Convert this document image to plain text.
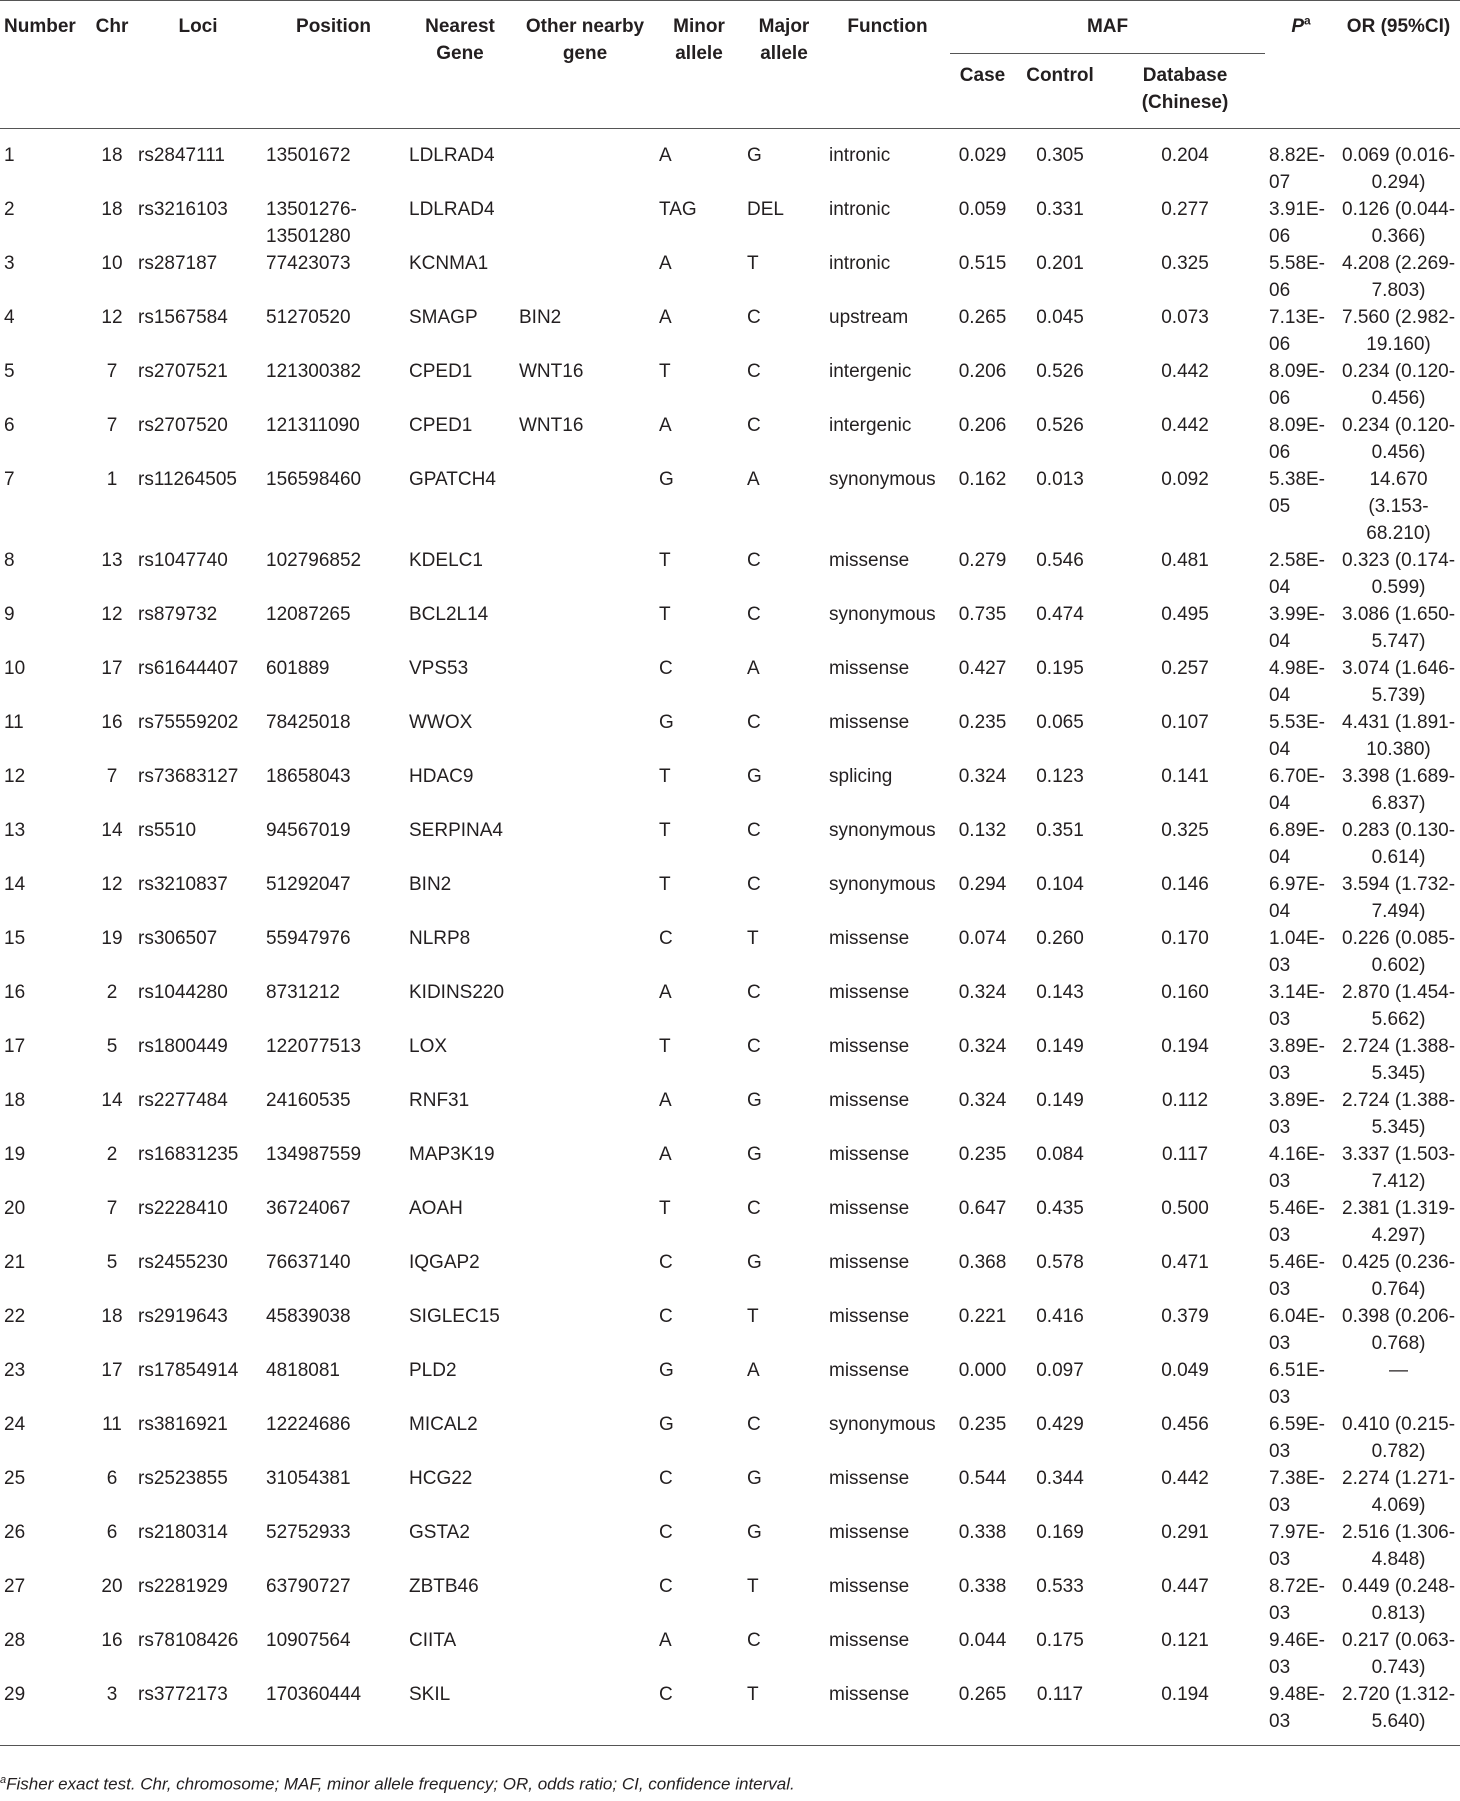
Number	Chr	Loci	Position	Nearest Gene	Other nearby gene	Minor allele	Major allele	Function	MAF			$P^a$	OR (95%CI)
									Case	Control	Database (Chinese)		
1	18	rs2847111	13501672	LDLRAD4		A	G	intronic	0.029	0.305	0.204	8.82E-07	0.069 (0.016-0.294)
2	18	rs3216103	13501276-13501280	LDLRAD4		TAG	DEL	intronic	0.059	0.331	0.277	3.91E-06	0.126 (0.044-0.366)
3	10	rs287187	77423073	KCNMA1		A	T	intronic	0.515	0.201	0.325	5.58E-06	4.208 (2.269-7.803)
4	12	rs1567584	51270520	SMAGP	BIN2	A	C	upstream	0.265	0.045	0.073	7.13E-06	7.560 (2.982-19.160)
5	7	rs2707521	121300382	CPED1	WNT16	T	C	intergenic	0.206	0.526	0.442	8.09E-06	0.234 (0.120-0.456)
6	7	rs2707520	121311090	CPED1	WNT16	A	C	intergenic	0.206	0.526	0.442	8.09E-06	0.234 (0.120-0.456)
7	1	rs11264505	156598460	GPATCH4		G	A	synonymous	0.162	0.013	0.092	5.38E-05	14.670 (3.153-68.210)
8	13	rs1047740	102796852	KDELC1		T	C	missense	0.279	0.546	0.481	2.58E-04	0.323 (0.174-0.599)
9	12	rs879732	12087265	BCL2L14		T	C	synonymous	0.735	0.474	0.495	3.99E-04	3.086 (1.650-5.747)
10	17	rs61644407	601889	VPS53		C	A	missense	0.427	0.195	0.257	4.98E-04	3.074 (1.646-5.739)
11	16	rs75559202	78425018	WWOX		G	C	missense	0.235	0.065	0.107	5.53E-04	4.431 (1.891-10.380)
12	7	rs73683127	18658043	HDAC9		T	G	splicing	0.324	0.123	0.141	6.70E-04	3.398 (1.689-6.837)
13	14	rs5510	94567019	SERPINA4		T	C	synonymous	0.132	0.351	0.325	6.89E-04	0.283 (0.130-0.614)
14	12	rs3210837	51292047	BIN2		T	C	synonymous	0.294	0.104	0.146	6.97E-04	3.594 (1.732-7.494)
15	19	rs306507	55947976	NLRP8		C	T	missense	0.074	0.260	0.170	1.04E-03	0.226 (0.085-0.602)
16	2	rs1044280	8731212	KIDINS220		A	C	missense	0.324	0.143	0.160	3.14E-03	2.870 (1.454-5.662)
17	5	rs1800449	122077513	LOX		T	C	missense	0.324	0.149	0.194	3.89E-03	2.724 (1.388-5.345)
18	14	rs2277484	24160535	RNF31		A	G	missense	0.324	0.149	0.112	3.89E-03	2.724 (1.388-5.345)
19	2	rs16831235	134987559	MAP3K19		A	G	missense	0.235	0.084	0.117	4.16E-03	3.337 (1.503-7.412)
20	7	rs2228410	36724067	AOAH		T	C	missense	0.647	0.435	0.500	5.46E-03	2.381 (1.319-4.297)
21	5	rs2455230	76637140	IQGAP2		C	G	missense	0.368	0.578	0.471	5.46E-03	0.425 (0.236-0.764)
22	18	rs2919643	45839038	SIGLEC15		C	T	missense	0.221	0.416	0.379	6.04E-03	0.398 (0.206-0.768)
23	17	rs17854914	4818081	PLD2		G	A	missense	0.000	0.097	0.049	6.51E-03	—
24	11	rs3816921	12224686	MICAL2		G	C	synonymous	0.235	0.429	0.456	6.59E-03	0.410 (0.215-0.782)
25	6	rs2523855	31054381	HCG22		C	G	missense	0.544	0.344	0.442	7.38E-03	2.274 (1.271-4.069)
26	6	rs2180314	52752933	GSTA2		C	G	missense	0.338	0.169	0.291	7.97E-03	2.516 (1.306-4.848)
27	20	rs2281929	63790727	ZBTB46		C	T	missense	0.338	0.533	0.447	8.72E-03	0.449 (0.248-0.813)
28	16	rs78108426	10907564	CIITA		A	C	missense	0.044	0.175	0.121	9.46E-03	0.217 (0.063-0.743)
29	3	rs3772173	170360444	SKIL		C	T	missense	0.265	0.117	0.194	9.48E-03	2.720 (1.312-5.640)
$^a$Fisher exact test. Chr, chromosome; MAF, minor allele frequency; OR, odds ratio; CI, confidence interval.
